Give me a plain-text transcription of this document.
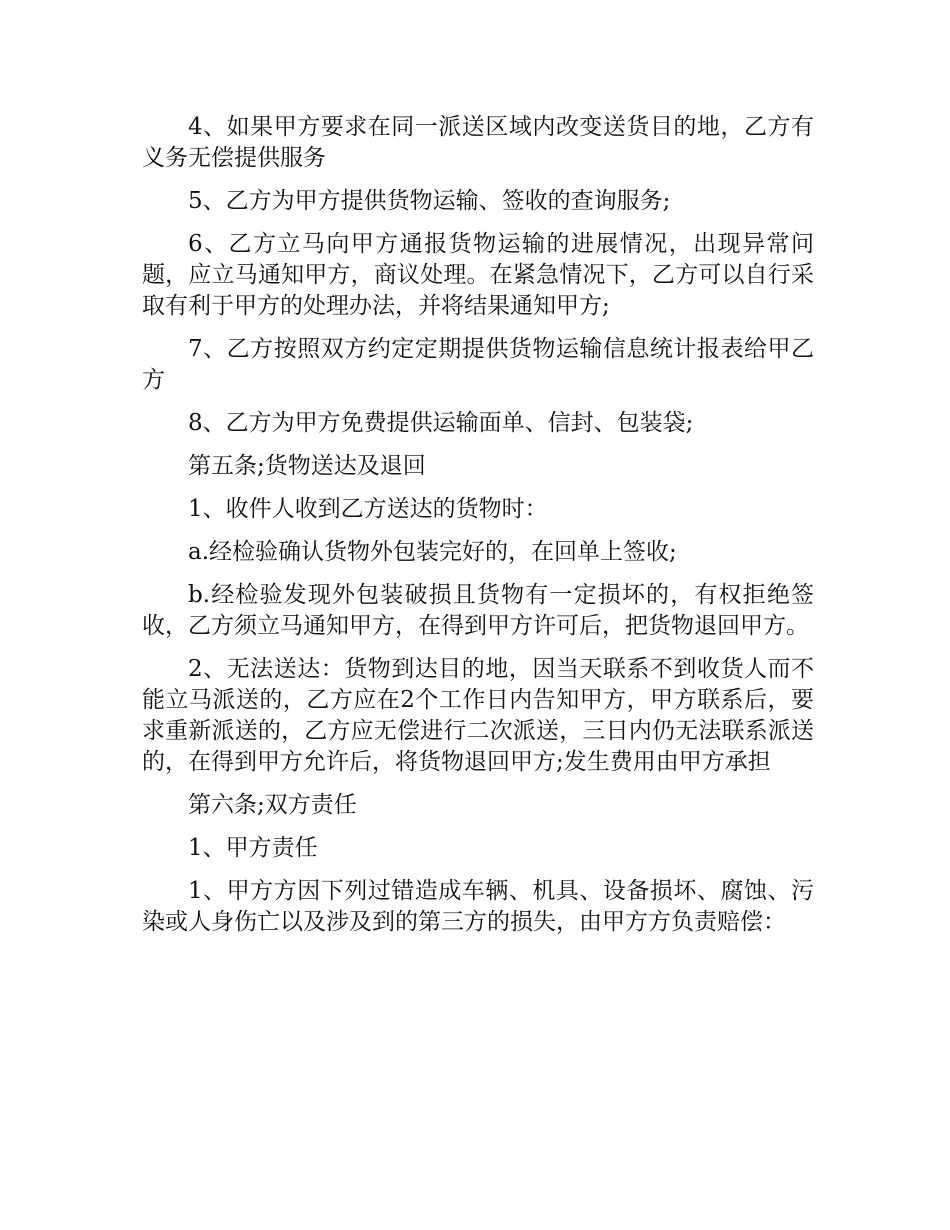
4、如果甲方要求在同一派送区域内改变送货目的地，乙方有义务无偿提供服务

5、乙方为甲方提供货物运输、签收的查询服务;

6、乙方立马向甲方通报货物运输的进展情况，出现异常问题，应立马通知甲方，商议处理。在紧急情况下，乙方可以自行采取有利于甲方的处理办法，并将结果通知甲方;

7、乙方按照双方约定定期提供货物运输信息统计报表给甲乙方

8、乙方为甲方免费提供运输面单、信封、包装袋;

第五条;货物送达及退回

1、收件人收到乙方送达的货物时：

a.经检验确认货物外包装完好的，在回单上签收;

b.经检验发现外包装破损且货物有一定损坏的，有权拒绝签收，乙方须立马通知甲方，在得到甲方许可后，把货物退回甲方。

2、无法送达：货物到达目的地，因当天联系不到收货人而不能立马派送的，乙方应在2个工作日内告知甲方，甲方联系后，要求重新派送的，乙方应无偿进行二次派送，三日内仍无法联系派送的，在得到甲方允许后，将货物退回甲方;发生费用由甲方承担

第六条;双方责任

1、甲方责任

1、甲方方因下列过错造成车辆、机具、设备损坏、腐蚀、污染或人身伤亡以及涉及到的第三方的损失，由甲方方负责赔偿：
